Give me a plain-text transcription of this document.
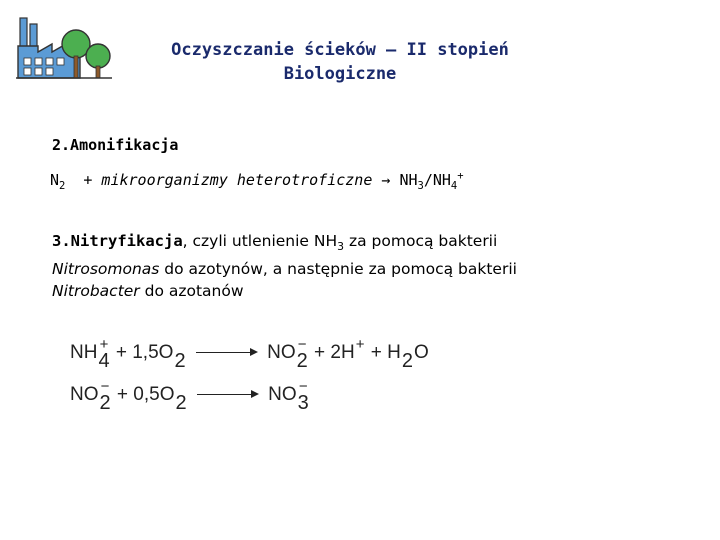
Oczyszczanie ścieków – II stopień
Biologiczne
2.Amonifikacja
$N_2$ + mikroorganizmy heterotroficzne → $NH_3/NH_4^+$
3.Nitryfikacja, czyli utlenienie $NH_3$ za pomocą bakterii
Nitrosomonas do azotynów, a następnie za pomocą bakterii
Nitrobacter do azotanów
NH +
4 + 1,5O
2	NO −
2 + 2H +
+ H
2 O
NO −
2 + 0,5O
2	NO −
3
